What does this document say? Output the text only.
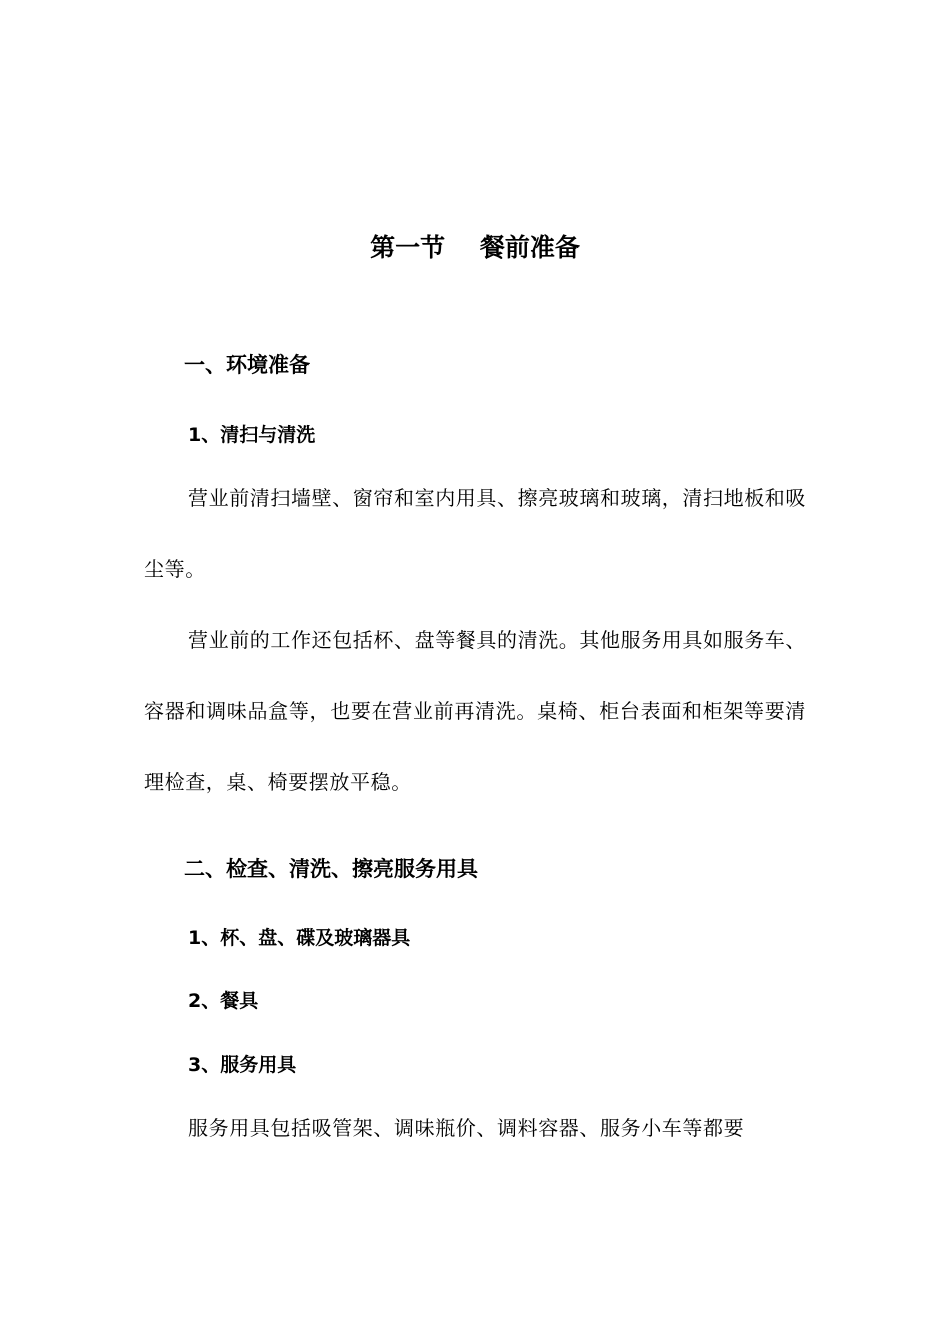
第一节    餐前准备
一、环境准备
1、清扫与清洗

营业前清扫墙壁、窗帘和室内用具、擦亮玻璃和玻璃，清扫地板和吸尘等。

营业前的工作还包括杯、盘等餐具的清洗。其他服务用具如服务车、容器和调味品盒等，也要在营业前再清洗。桌椅、柜台表面和柜架等要清理检查，桌、椅要摆放平稳。

二、检查、清洗、擦亮服务用具
1、杯、盘、碟及玻璃器具
2、餐具
3、服务用具

服务用具包括吸管架、调味瓶价、调料容器、服务小车等都要
